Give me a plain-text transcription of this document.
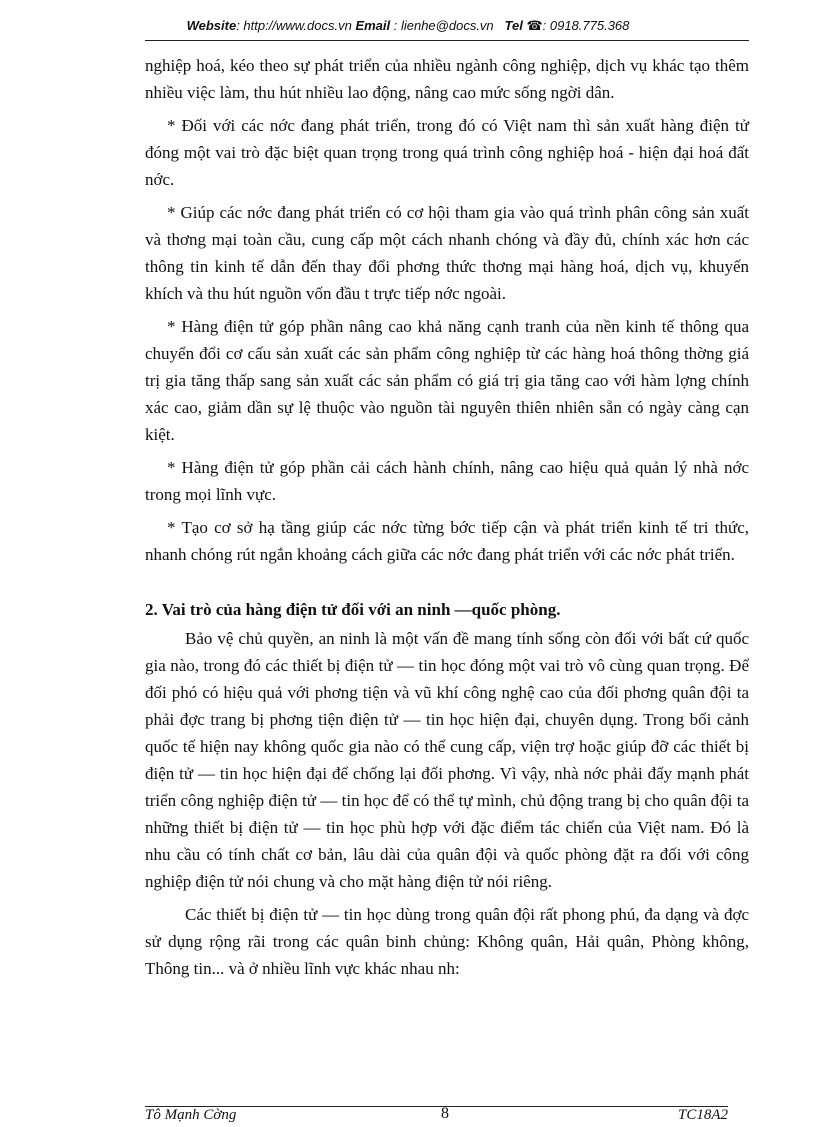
Website: http://www.docs.vn Email : lienhe@docs.vn Tel ☎: 0918.775.368

nghiệp hoá, kéo theo sự phát triển của nhiều ngành công nghiệp, dịch vụ khác tạo thêm nhiều việc làm, thu hút nhiều lao động, nâng cao mức sống ngời dân.

* Đối với các nớc đang phát triển, trong đó có Việt nam thì sản xuất hàng điện tử đóng một vai trò đặc biệt quan trọng trong quá trình công nghiệp hoá - hiện đại hoá đất nớc.

* Giúp các nớc đang phát triển có cơ hội tham gia vào quá trình phân công sản xuất và thơng mại toàn cầu, cung cấp một cách nhanh chóng và đầy đủ, chính xác hơn các thông tin kinh tế dẫn đến thay đổi phơng thức thơng mại hàng hoá, dịch vụ, khuyến khích và thu hút nguồn vốn đầu t trực tiếp nớc ngoài.

* Hàng điện tử góp phần nâng cao khả năng cạnh tranh của nền kinh tế thông qua chuyển đổi cơ cấu sản xuất các sản phẩm công nghiệp từ các hàng hoá thông thờng giá trị gia tăng thấp sang sản xuất các sản phẩm có giá trị gia tăng cao với hàm lợng chính xác cao, giảm dần sự lệ thuộc vào nguồn tài nguyên thiên nhiên sẵn có ngày càng cạn kiệt.

* Hàng điện tử góp phần cải cách hành chính, nâng cao hiệu quả quản lý nhà nớc trong mọi lĩnh vực.

* Tạo cơ sở hạ tầng giúp các nớc từng bớc tiếp cận và phát triển kinh tế tri thức, nhanh chóng rút ngắn khoảng cách giữa các nớc đang phát triển với các nớc phát triển.

2. Vai trò của hàng điện tử đối với an ninh —quốc phòng.

Bảo vệ chủ quyền, an ninh là một vấn đề mang tính sống còn đối với bất cứ quốc gia nào, trong đó các thiết bị điện tử — tin học đóng một vai trò vô cùng quan trọng. Để đối phó có hiệu quả với phơng tiện và vũ khí công nghệ cao của đối phơng quân đội ta phải đợc trang bị phơng tiện điện tử — tin học hiện đại, chuyên dụng. Trong bối cảnh quốc tế hiện nay không quốc gia nào có thể cung cấp, viện trợ hoặc giúp đỡ các thiết bị điện tử — tin học hiện đại để chống lại đối phơng. Vì vậy, nhà nớc phải đẩy mạnh phát triển công nghiệp điện tử — tin học để có thể tự mình, chủ động trang bị cho quân đội ta những thiết bị điện tử — tin học phù hợp với đặc điểm tác chiến của Việt nam. Đó là nhu cầu có tính chất cơ bản, lâu dài của quân đội và quốc phòng đặt ra đối với công nghiệp điện tử nói chung và cho mặt hàng điện tử nói riêng.

Các thiết bị điện tử — tin học dùng trong quân đội rất phong phú, đa dạng và đợc sử dụng rộng rãi trong các quân binh chủng: Không quân, Hải quân, Phòng không, Thông tin... và ở nhiều lĩnh vực khác nhau nh:

Tô Mạnh Cờng	8	TC18A2
